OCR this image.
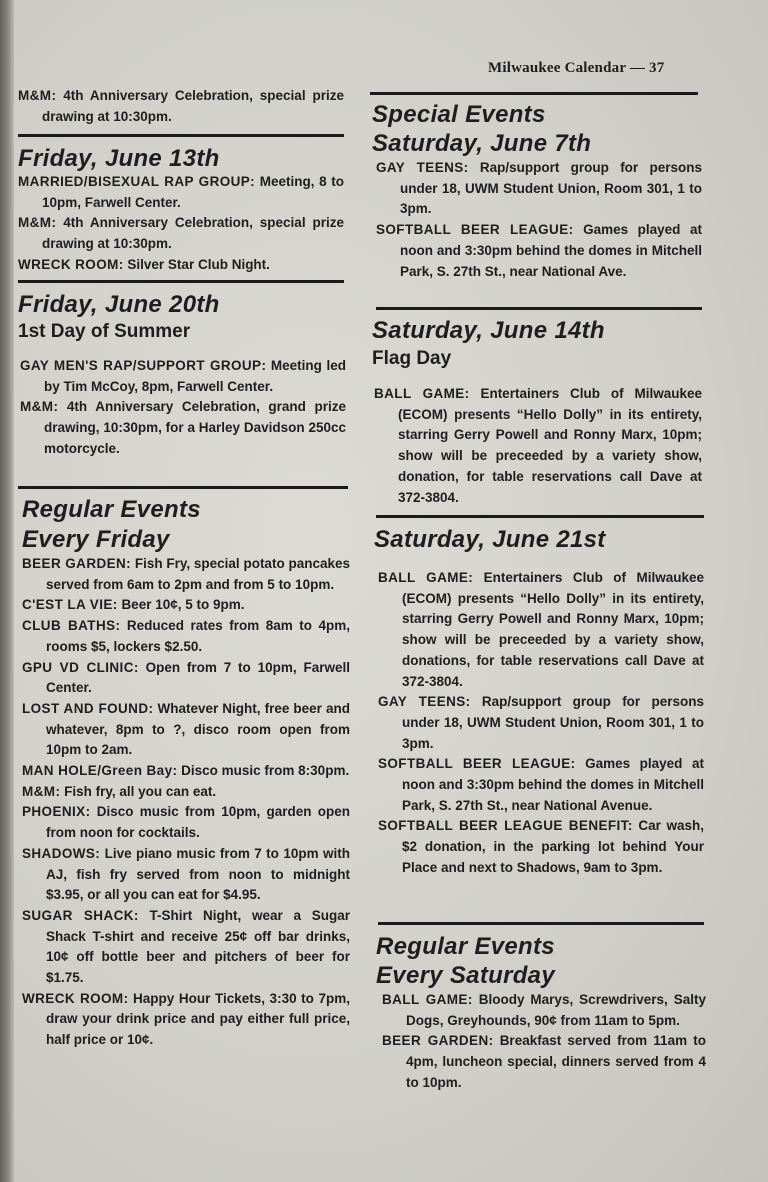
Milwaukee Calendar — 37
M&M: 4th Anniversary Celebration, special prize drawing at 10:30pm.
Friday, June 13th
MARRIED/BISEXUAL RAP GROUP: Meeting, 8 to 10pm, Farwell Center.
M&M: 4th Anniversary Celebration, special prize drawing at 10:30pm.
WRECK ROOM: Silver Star Club Night.
Friday, June 20th
1st Day of Summer
GAY MEN'S RAP/SUPPORT GROUP: Meeting led by Tim McCoy, 8pm, Farwell Center.
M&M: 4th Anniversary Celebration, grand prize drawing, 10:30pm, for a Harley Davidson 250cc motorcycle.
Regular Events
Every Friday
BEER GARDEN: Fish Fry, special potato pancakes served from 6am to 2pm and from 5 to 10pm.
C'EST LA VIE: Beer 10¢, 5 to 9pm.
CLUB BATHS: Reduced rates from 8am to 4pm, rooms $5, lockers $2.50.
GPU VD CLINIC: Open from 7 to 10pm, Farwell Center.
LOST AND FOUND: Whatever Night, free beer and whatever, 8pm to ?, disco room open from 10pm to 2am.
MAN HOLE/Green Bay: Disco music from 8:30pm.
M&M: Fish fry, all you can eat.
PHOENIX: Disco music from 10pm, garden open from noon for cocktails.
SHADOWS: Live piano music from 7 to 10pm with AJ, fish fry served from noon to midnight $3.95, or all you can eat for $4.95.
SUGAR SHACK: T-Shirt Night, wear a Sugar Shack T-shirt and receive 25¢ off bar drinks, 10¢ off bottle beer and pitchers of beer for $1.75.
WRECK ROOM: Happy Hour Tickets, 3:30 to 7pm, draw your drink price and pay either full price, half price or 10¢.
Special Events
Saturday, June 7th
GAY TEENS: Rap/support group for persons under 18, UWM Student Union, Room 301, 1 to 3pm.
SOFTBALL BEER LEAGUE: Games played at noon and 3:30pm behind the domes in Mitchell Park, S. 27th St., near National Ave.
Saturday, June 14th
Flag Day
BALL GAME: Entertainers Club of Milwaukee (ECOM) presents “Hello Dolly” in its entirety, starring Gerry Powell and Ronny Marx, 10pm; show will be preceeded by a variety show, donation, for table reservations call Dave at 372-3804.
Saturday, June 21st
BALL GAME: Entertainers Club of Milwaukee (ECOM) presents “Hello Dolly” in its entirety, starring Gerry Powell and Ronny Marx, 10pm; show will be preceeded by a variety show, donations, for table reservations call Dave at 372-3804.
GAY TEENS: Rap/support group for persons under 18, UWM Student Union, Room 301, 1 to 3pm.
SOFTBALL BEER LEAGUE: Games played at noon and 3:30pm behind the domes in Mitchell Park, S. 27th St., near National Avenue.
SOFTBALL BEER LEAGUE BENEFIT: Car wash, $2 donation, in the parking lot behind Your Place and next to Shadows, 9am to 3pm.
Regular Events
Every Saturday
BALL GAME: Bloody Marys, Screwdrivers, Salty Dogs, Greyhounds, 90¢ from 11am to 5pm.
BEER GARDEN: Breakfast served from 11am to 4pm, luncheon special, dinners served from 4 to 10pm.
